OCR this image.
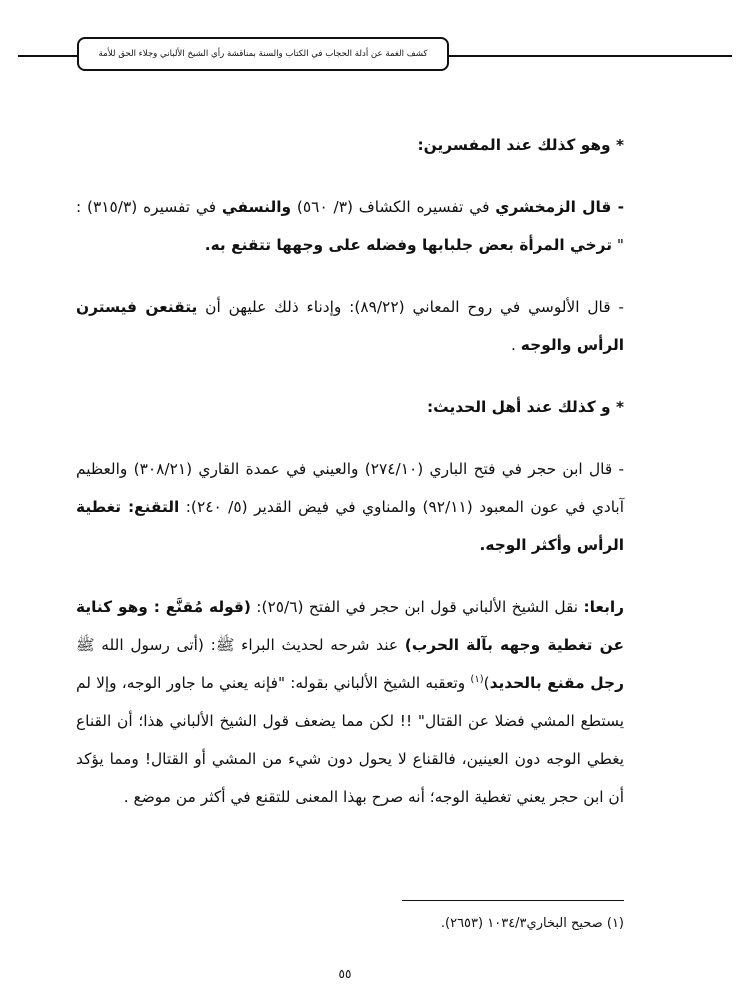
كشف الغمة عن أدلة الحجاب في الكتاب والسنة بمناقشة رأي الشيخ الألباني وجلاء الحق للأمة

* وهو كذلك عند المفسرين:

- قال الزمخشري في تفسيره الكشاف (٣/ ٥٦٠) والنسفي في تفسيره (٣١٥/٣) : " ترخي المرأة بعض جلبابها وفضله على وجهها تتقنع به.

- قال الألوسي في روح المعاني (٨٩/٢٢): وإدناء ذلك عليهن أن يتقنعن فيسترن الرأس والوجه .

* و كذلك عند أهل الحديث:

- قال ابن حجر في فتح الباري (٢٧٤/١٠) والعيني في عمدة القاري (٣٠٨/٢١) والعظيم آبادي في عون المعبود (٩٢/١١) والمناوي في فيض القدير (٥/ ٢٤٠): التقنع: تغطية الرأس وأكثر الوجه.

رابعا: نقل الشيخ الألباني قول ابن حجر في الفتح (٢٥/٦): (قوله مُقنَّع : وهو كناية عن تغطية وجهه بآلة الحرب) عند شرحه لحديث البراء ﷺ: (أتى رسول الله ﷺ رجل مقنع بالحديد)$^{(١)}$ وتعقبه الشيخ الألباني بقوله: "فإنه يعني ما جاور الوجه، وإلا لم يستطع المشي فضلا عن القتال" !! لكن مما يضعف قول الشيخ الألباني هذا؛ أن القناع يغطي الوجه دون العينين، فالقناع لا يحول دون شيء من المشي أو القتال! ومما يؤكد أن ابن حجر يعني تغطية الوجه؛ أنه صرح بهذا المعنى للتقنع في أكثر من موضع .

(١) صحيح البخاري١٠٣٤/٣ (٢٦٥٣).
٥٥
